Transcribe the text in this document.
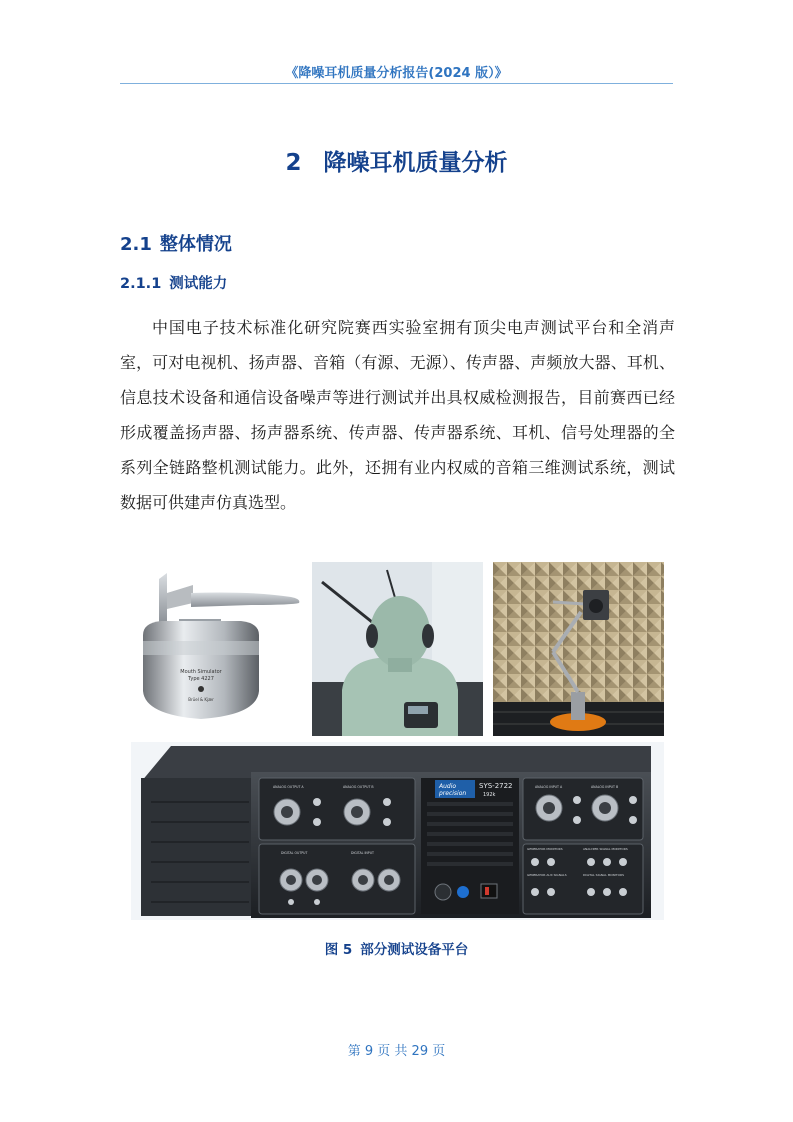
《降噪耳机质量分析报告(2024 版）》
2 降噪耳机质量分析
2.1 整体情况
2.1.1 测试能力

中国电子技术标准化研究院赛西实验室拥有顶尖电声测试平台和全消声室，可对电视机、扬声器、音箱（有源、无源）、传声器、声频放大器、耳机、信息技术设备和通信设备噪声等进行测试并出具权威检测报告，目前赛西已经形成覆盖扬声器、扬声器系统、传声器、传声器系统、耳机、信号处理器的全系列全链路整机测试能力。此外，还拥有业内权威的音箱三维测试系统，测试数据可供建声仿真选型。

Mouth Simulator
Type 4227
Brüel & Kjær
Audio
precision
SYS-2722
192k
ANALOG OUTPUT A	ANALOG OUTPUT B	ANALOG INPUT A	ANALOG INPUT B
DIGITAL OUTPUT	DIGITAL INPUT
GENERATOR MONITORS	ANALYZER SIGNAL MONITORS
GENERATOR AUX SIGNALS	DIGITAL SIGNAL MONITORS
图 5 部分测试设备平台
第 9 页 共 29 页
